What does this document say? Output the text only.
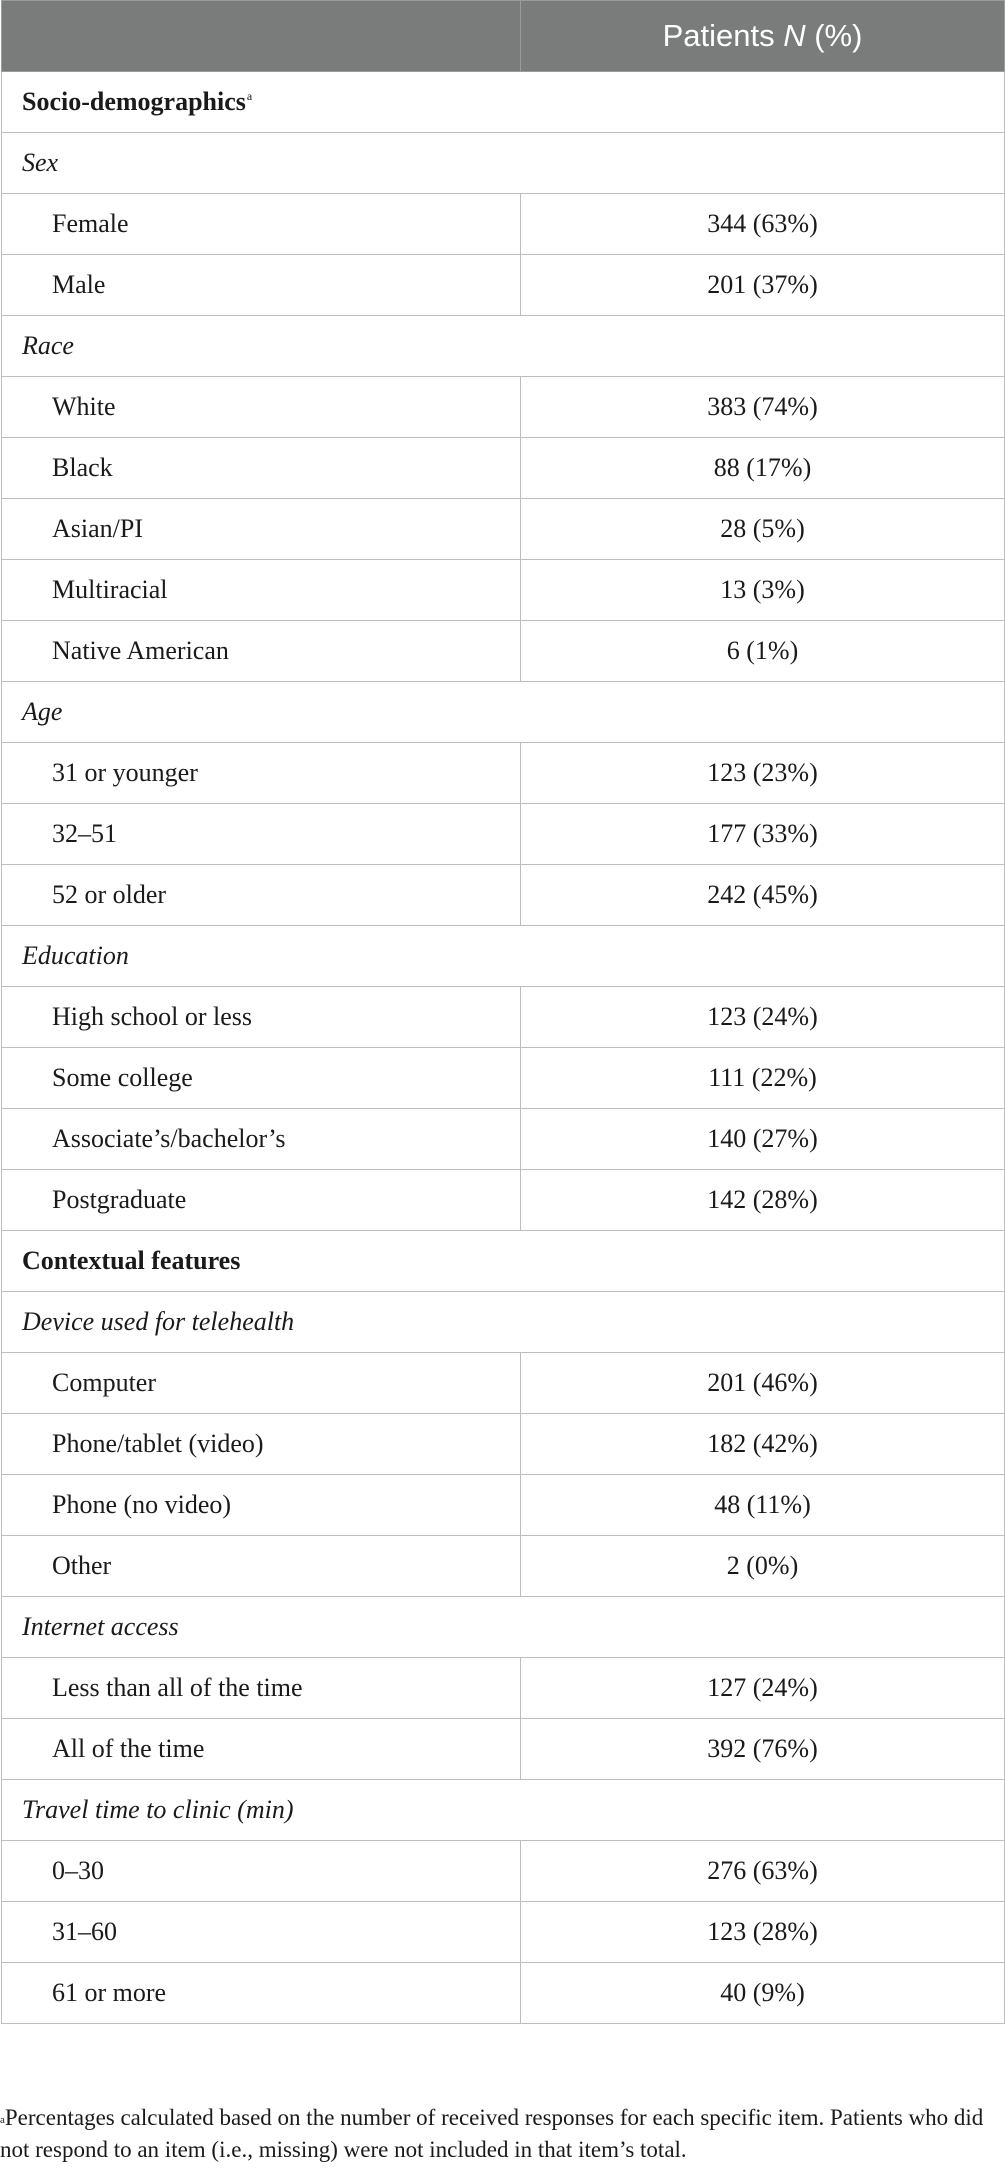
	Patients N (%)
Socio-demographics$^a$
Sex	
Female	344 (63%)
Male	201 (37%)
Race	
White	383 (74%)
Black	88 (17%)
Asian/PI	28 (5%)
Multiracial	13 (3%)
Native American	6 (1%)
Age	
31 or younger	123 (23%)
32–51	177 (33%)
52 or older	242 (45%)
Education	
High school or less	123 (24%)
Some college	111 (22%)
Associate’s/bachelor’s	140 (27%)
Postgraduate	142 (28%)
Contextual features	
Device used for telehealth	
Computer	201 (46%)
Phone/tablet (video)	182 (42%)
Phone (no video)	48 (11%)
Other	2 (0%)
Internet access	
Less than all of the time	127 (24%)
All of the time	392 (76%)
Travel time to clinic (min)	
0–30	276 (63%)
31–60	123 (28%)
61 or more	40 (9%)
$^a$Percentages calculated based on the number of received responses for each specific item. Patients who did not respond to an item (i.e., missing) were not included in that item’s total.
